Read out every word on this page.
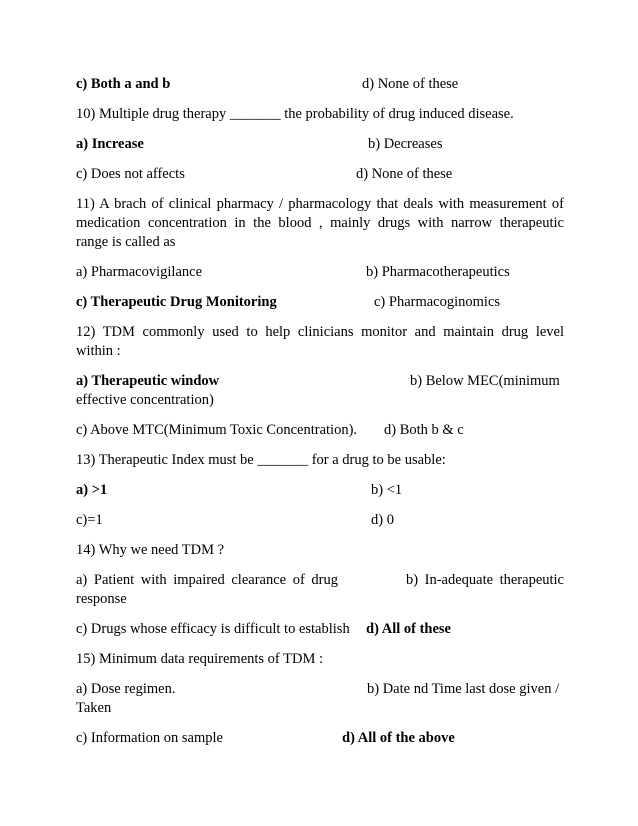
c) Both a and b	d) None of these
10) Multiple drug therapy _______ the probability of drug induced disease.
a) Increase	b) Decreases
c) Does not affects	d) None of these
11) A brach of clinical pharmacy / pharmacology that deals with measurement of
medication concentration in the blood , mainly drugs with narrow therapeutic
range is called as
a) Pharmacovigilance	b) Pharmacotherapeutics
c) Therapeutic Drug Monitoring	c) Pharmacoginomics
12) TDM commonly used to help clinicians monitor and maintain drug level
within :
a) Therapeutic window	b) Below MEC(minimum
effective concentration)
c) Above MTC(Minimum Toxic Concentration). d) Both b & c
13) Therapeutic Index must be _______ for a drug to be usable:
a) >1	b) <1
c)=1	d) 0
14) Why we need TDM ?
a) Patient with impaired clearance of drug	b) In-adequate therapeutic
response
c) Drugs whose efficacy is difficult to establish d) All of these
15) Minimum data requirements of TDM :
a) Dose regimen.	b) Date nd Time last dose given /
Taken
c) Information on sample	d) All of the above
